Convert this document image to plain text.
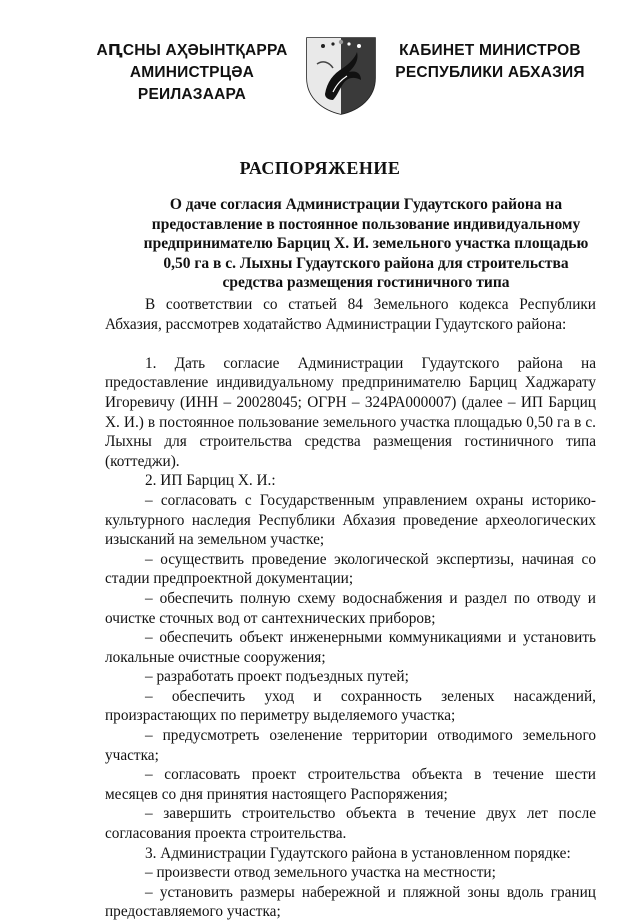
АԤСНЫ АҲӘЫНТҚАРРА
АМИНИСТРЦӘА РЕИЛАЗААРА
КАБИНЕТ МИНИСТРОВ
РЕСПУБЛИКИ АБХАЗИЯ
РАСПОРЯЖЕНИЕ
О даче согласия Администрации Гудаутского района на предоставление в постоянное пользование индивидуальному предпринимателю Барциц Х. И. земельного участка площадью 0,50 га в с. Лыхны Гудаутского района для строительства средства размещения гостиничного типа

В соответствии со статьей 84 Земельного кодекса Республики Абхазия, рассмотрев ходатайство Администрации Гудаутского района:

1. Дать согласие Администрации Гудаутского района на предоставление индивидуальному предпринимателю Барциц Хаджарату Игоревичу (ИНН – 20028045; ОГРН – 324РА000007) (далее – ИП Барциц Х. И.) в постоянное пользование земельного участка площадью 0,50 га в с. Лыхны для строительства средства размещения гостиничного типа (коттеджи).

2. ИП Барциц Х. И.:

– согласовать с Государственным управлением охраны историко-культурного наследия Республики Абхазия проведение археологических изысканий на земельном участке;

– осуществить проведение экологической экспертизы, начиная со стадии предпроектной документации;

– обеспечить полную схему водоснабжения и раздел по отводу и очистке сточных вод от сантехнических приборов;

– обеспечить объект инженерными коммуникациями и установить локальные очистные сооружения;

– разработать проект подъездных путей;

– обеспечить уход и сохранность зеленых насаждений, произрастающих по периметру выделяемого участка;

– предусмотреть озеленение территории отводимого земельного участка;

– согласовать проект строительства объекта в течение шести месяцев со дня принятия настоящего Распоряжения;

– завершить строительство объекта в течение двух лет после согласования проекта строительства.

3. Администрации Гудаутского района в установленном порядке:

– произвести отвод земельного участка на местности;

– установить размеры набережной и пляжной зоны вдоль границ предоставляемого участка;
